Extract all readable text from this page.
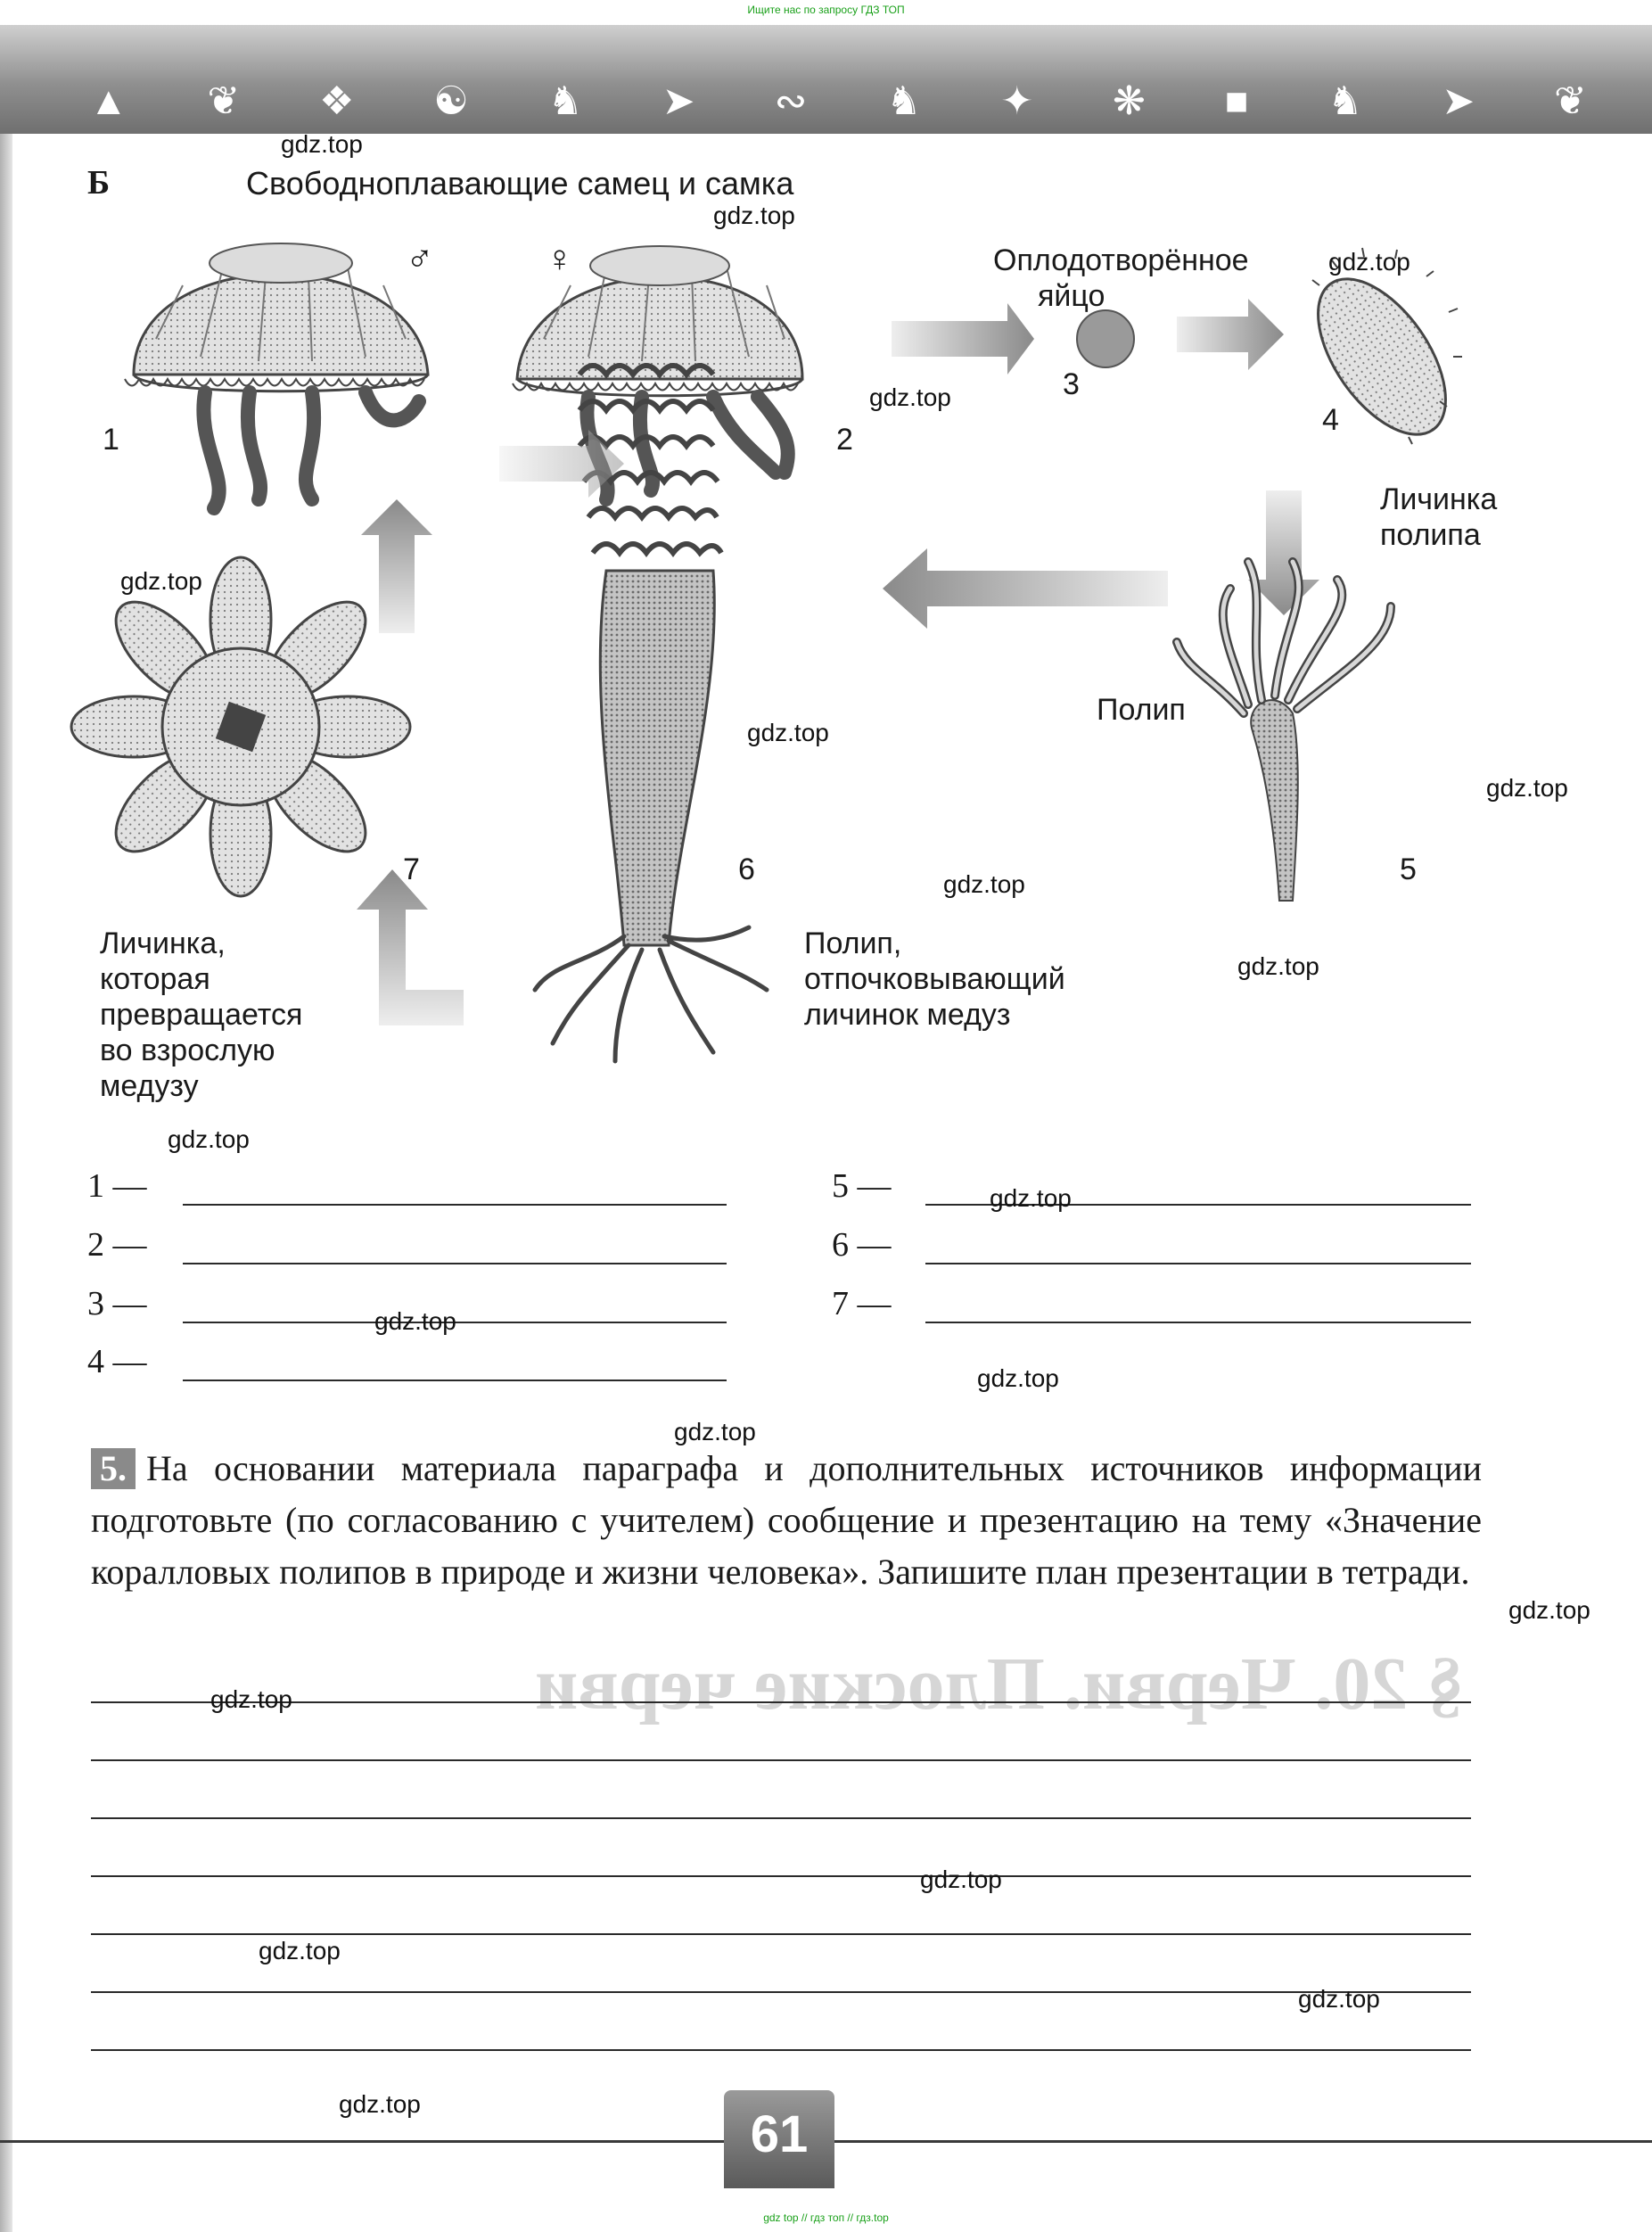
Ищите нас по запросу ГДЗ ТОП
▲ ❦ ❖ ☯ ♞ ➤ ∾ ♞ ✦ ❋ ■ ♞ ➤ ❦
§ 20. Черви. Плоские черви
Б	Свободноплавающие самец и самка
♂	♀
1	2
3
4
5
6
7
Оплодотворённое
яйцо
Личинка
полипа
Полип
Личинка,
которая
превращается
во взрослую
медузу
Полип,
отпочковывающий
личинок медуз
1 —
2 —
3 —
4 —
5 —
6 —
7 —
5. На основании материала параграфа и дополнительных источников информации подготовьте (по согласованию с учителем) сообщение и презентацию на тему «Значение коралловых полипов в природе и жизни человека». Запишите план презентации в тетради.
gdz.top
gdz.top
gdz.top
gdz.top
gdz.top
gdz.top
gdz.top
gdz.top
gdz.top
gdz.top
gdz.top
gdz.top
gdz.top
gdz.top
gdz.top
gdz.top
gdz.top
gdz.top
gdz.top
gdz.top
61
gdz top // гдз топ // гдз.top
